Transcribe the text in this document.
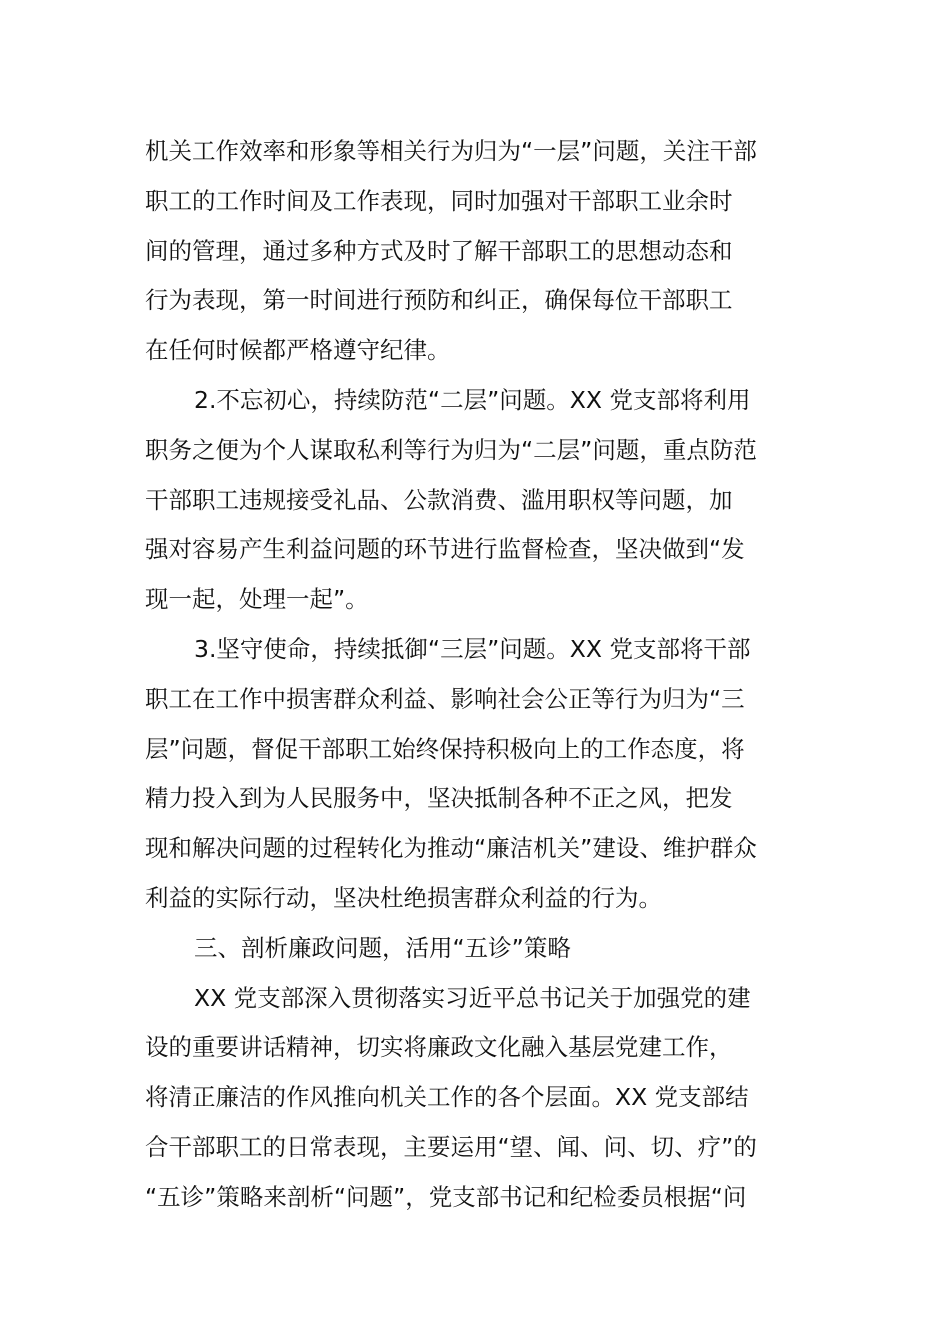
机关工作效率和形象等相关行为归为“一层”问题，关注干部
职工的工作时间及工作表现，同时加强对干部职工业余时
间的管理，通过多种方式及时了解干部职工的思想动态和
行为表现，第一时间进行预防和纠正，确保每位干部职工
在任何时候都严格遵守纪律。
2.不忘初心，持续防范“二层”问题。XX 党支部将利用
职务之便为个人谋取私利等行为归为“二层”问题，重点防范
干部职工违规接受礼品、公款消费、滥用职权等问题，加
强对容易产生利益问题的环节进行监督检查，坚决做到“发
现一起，处理一起”。
3.坚守使命，持续抵御“三层”问题。XX 党支部将干部
职工在工作中损害群众利益、影响社会公正等行为归为“三
层”问题，督促干部职工始终保持积极向上的工作态度，将
精力投入到为人民服务中，坚决抵制各种不正之风，把发
现和解决问题的过程转化为推动“廉洁机关”建设、维护群众
利益的实际行动，坚决杜绝损害群众利益的行为。
三、剖析廉政问题，活用“五诊”策略
XX 党支部深入贯彻落实习近平总书记关于加强党的建
设的重要讲话精神，切实将廉政文化融入基层党建工作，
将清正廉洁的作风推向机关工作的各个层面。XX 党支部结
合干部职工的日常表现，主要运用“望、闻、问、切、疗”的
“五诊”策略来剖析“问题”，党支部书记和纪检委员根据“问
